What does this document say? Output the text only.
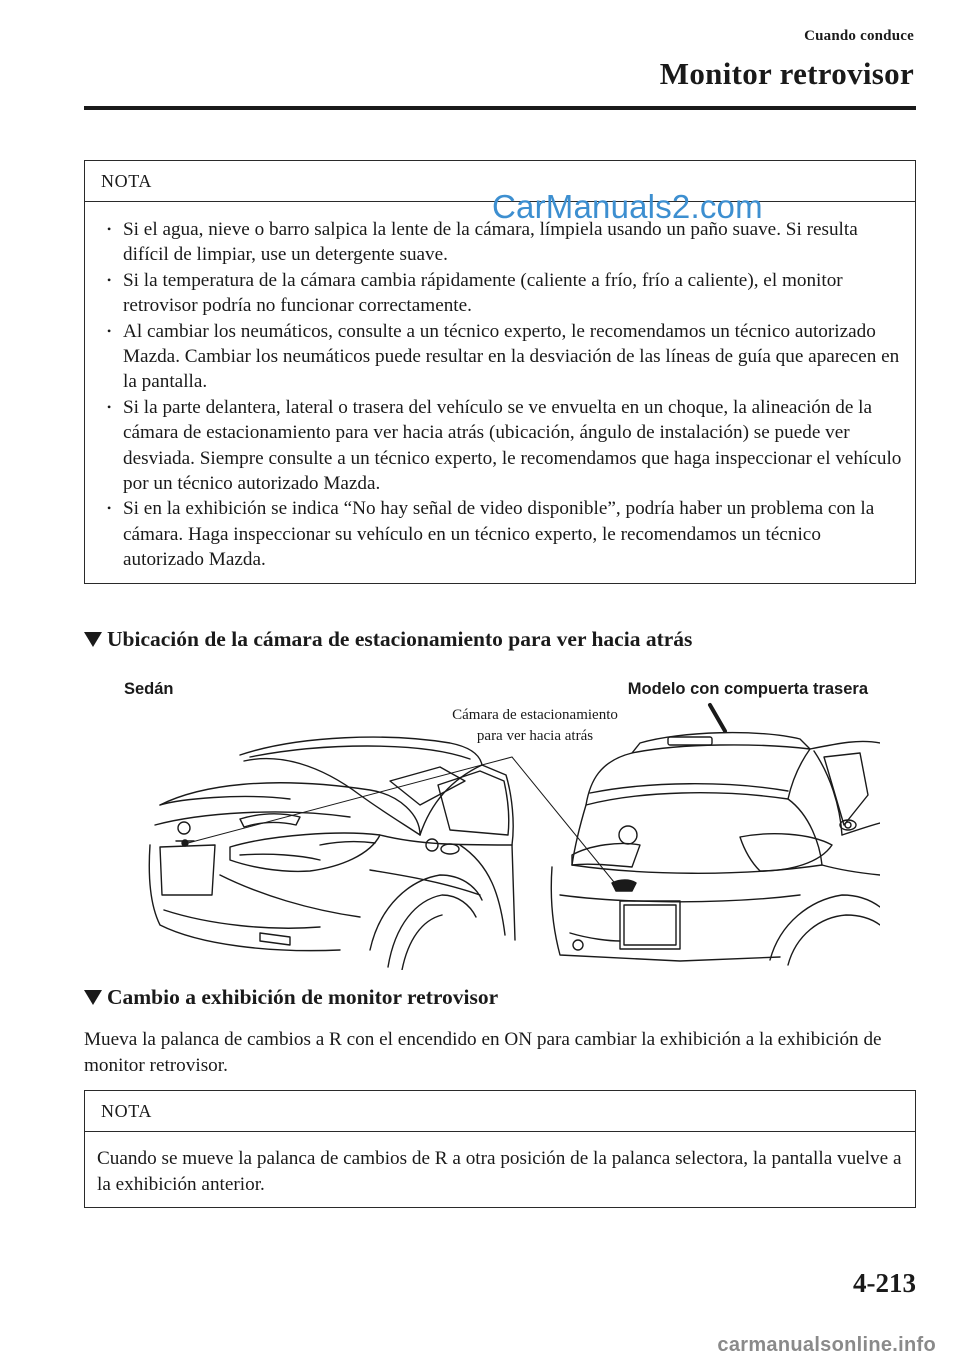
Cuando conduce
Monitor retrovisor
NOTA
• Si el agua, nieve o barro salpica la lente de la cámara, límpiela usando un paño suave. Si resulta difícil de limpiar, use un detergente suave.
• Si la temperatura de la cámara cambia rápidamente (caliente a frío, frío a caliente), el monitor retrovisor podría no funcionar correctamente.
• Al cambiar los neumáticos, consulte a un técnico experto, le recomendamos un técnico autorizado Mazda. Cambiar los neumáticos puede resultar en la desviación de las líneas de guía que aparecen en la pantalla.
• Si la parte delantera, lateral o trasera del vehículo se ve envuelta en un choque, la alineación de la cámara de estacionamiento para ver hacia atrás (ubicación, ángulo de instalación) se puede ver desviada. Siempre consulte a un técnico experto, le recomendamos que haga inspeccionar el vehículo por un técnico autorizado Mazda.
• Si en la exhibición se indica “No hay señal de video disponible”, podría haber un problema con la cámara. Haga inspeccionar su vehículo en un técnico experto, le recomendamos un técnico autorizado Mazda.
CarManuals2.com
Ubicación de la cámara de estacionamiento para ver hacia atrás
Sedán	Modelo con compuerta trasera
Cámara de estacionamiento
para ver hacia atrás
Cambio a exhibición de monitor retrovisor
Mueva la palanca de cambios a R con el encendido en ON para cambiar la exhibición a la exhibición de monitor retrovisor.
NOTA

Cuando se mueve la palanca de cambios de R a otra posición de la palanca selectora, la pantalla vuelve a la exhibición anterior.

4-213
carmanualsonline.info
